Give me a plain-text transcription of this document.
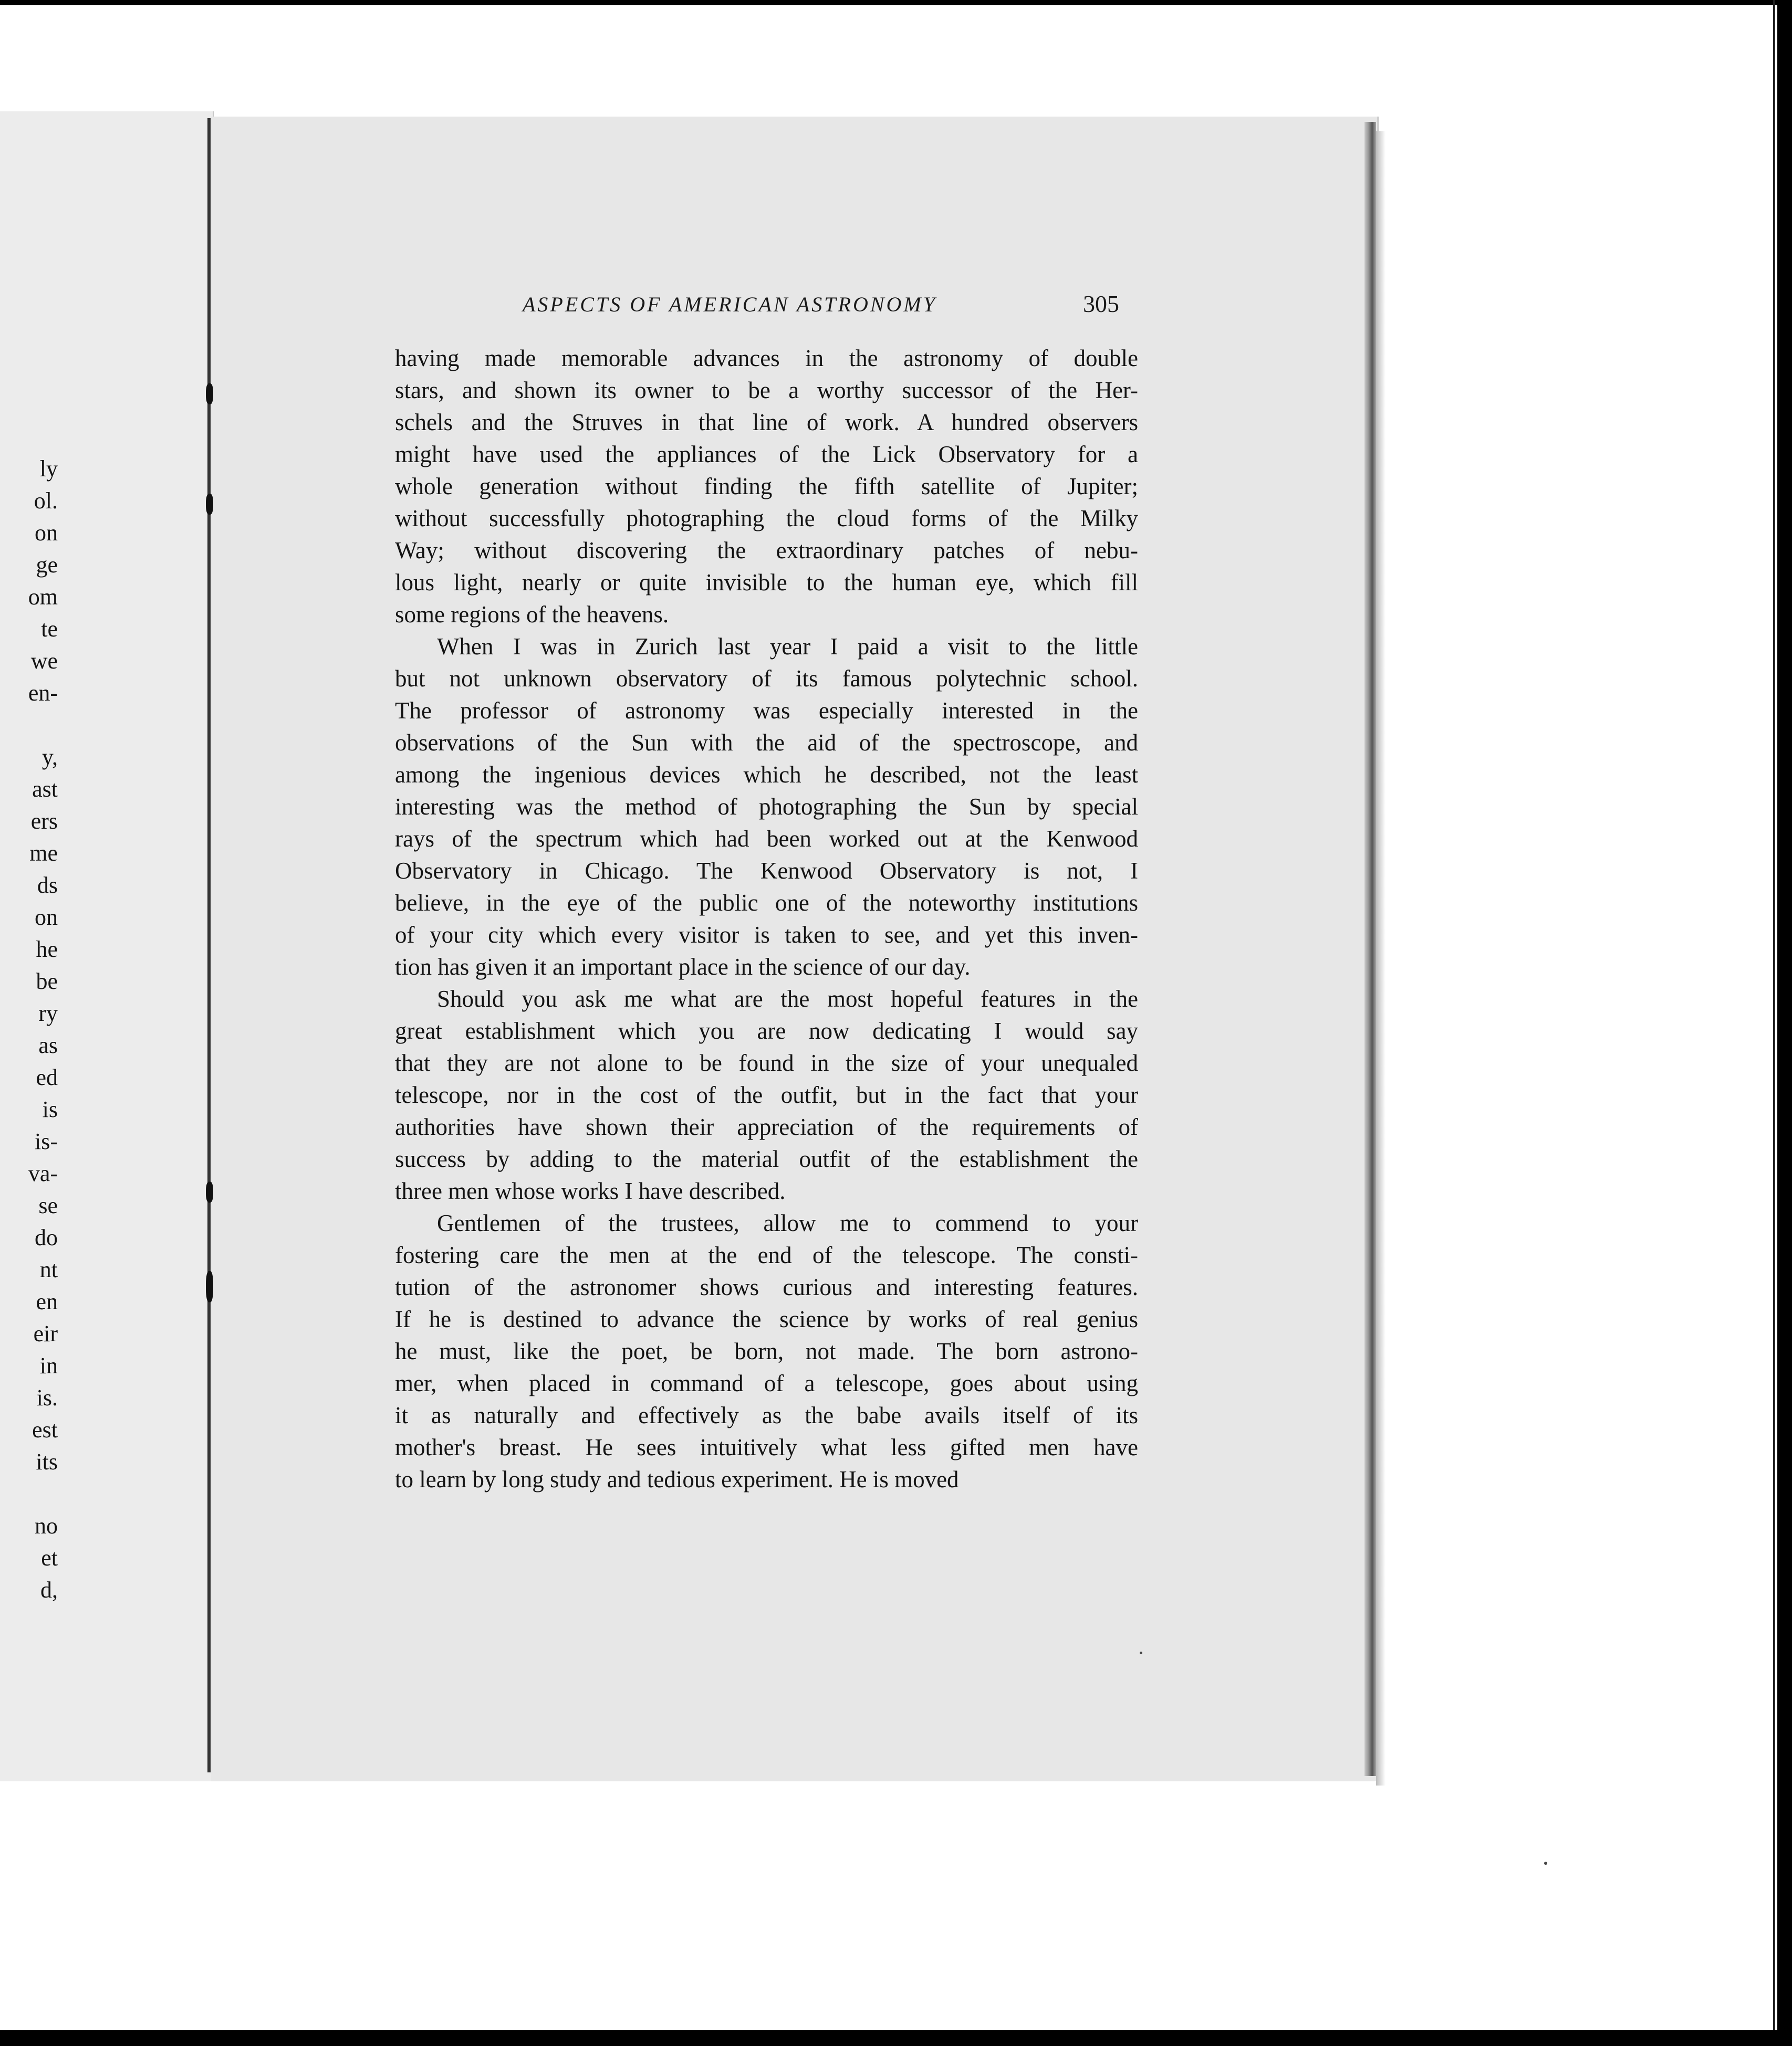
ly
ol.
on
ge
om
te
we
en-
y,
ast
ers
me
ds
on
he
be
ry
as
ed
is
is-
va-
se
do
nt
en
eir
in
is.
est
its
no
et
d,
ASPECTS OF AMERICAN ASTRONOMY	305

having made memorable advances in the astronomy of double
stars, and shown its owner to be a worthy successor of the Her-
schels and the Struves in that line of work. A hundred observers
might have used the appliances of the Lick Observatory for a
whole generation without finding the fifth satellite of Jupiter;
without successfully photographing the cloud forms of the Milky
Way; without discovering the extraordinary patches of nebu-
lous light, nearly or quite invisible to the human eye, which fill
some regions of the heavens.

When I was in Zurich last year I paid a visit to the little
but not unknown observatory of its famous polytechnic school.
The professor of astronomy was especially interested in the
observations of the Sun with the aid of the spectroscope, and
among the ingenious devices which he described, not the least
interesting was the method of photographing the Sun by special
rays of the spectrum which had been worked out at the Kenwood
Observatory in Chicago. The Kenwood Observatory is not, I
believe, in the eye of the public one of the noteworthy institutions
of your city which every visitor is taken to see, and yet this inven-
tion has given it an important place in the science of our day.

Should you ask me what are the most hopeful features in the
great establishment which you are now dedicating I would say
that they are not alone to be found in the size of your unequaled
telescope, nor in the cost of the outfit, but in the fact that your
authorities have shown their appreciation of the requirements of
success by adding to the material outfit of the establishment the
three men whose works I have described.

Gentlemen of the trustees, allow me to commend to your
fostering care the men at the end of the telescope. The consti-
tution of the astronomer shows curious and interesting features.
If he is destined to advance the science by works of real genius
he must, like the poet, be born, not made. The born astrono-
mer, when placed in command of a telescope, goes about using
it as naturally and effectively as the babe avails itself of its
mother's breast. He sees intuitively what less gifted men have
to learn by long study and tedious experiment. He is moved
